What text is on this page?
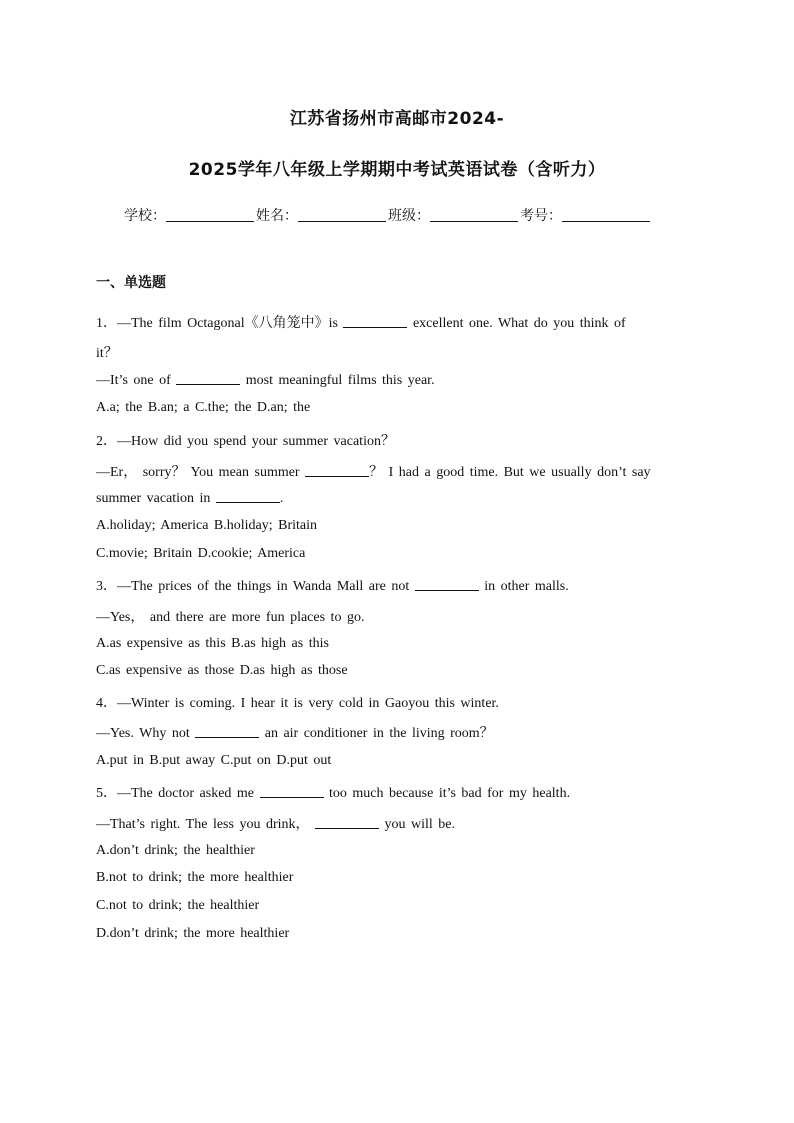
江苏省扬州市高邮市2024-
2025学年八年级上学期期中考试英语试卷（含听力）
学校：	姓名：	班级：	考号：
一、单选题
1．—The film Octagonal《八角笼中》is	excellent one. What do you think of
it？
—It’s one of	most meaningful films this year.
A.a; the B.an; a C.the; the D.an; the
2．—How did you spend your summer vacation？
—Er， sorry？ You mean summer	？ I had a good time. But we usually don’t say
summer vacation in	.
A.holiday; America B.holiday; Britain
C.movie; Britain D.cookie; America
3．—The prices of the things in Wanda Mall are not	in other malls.
—Yes， and there are more fun places to go.
A.as expensive as this B.as high as this
C.as expensive as those D.as high as those
4．—Winter is coming. I hear it is very cold in Gaoyou this winter.
—Yes. Why not	an air conditioner in the living room？
A.put in B.put away C.put on D.put out
5．—The doctor asked me	too much because it’s bad for my health.
—That’s right. The less you drink，	you will be.
A.don’t drink; the healthier
B.not to drink; the more healthier
C.not to drink; the healthier
D.don’t drink; the more healthier
